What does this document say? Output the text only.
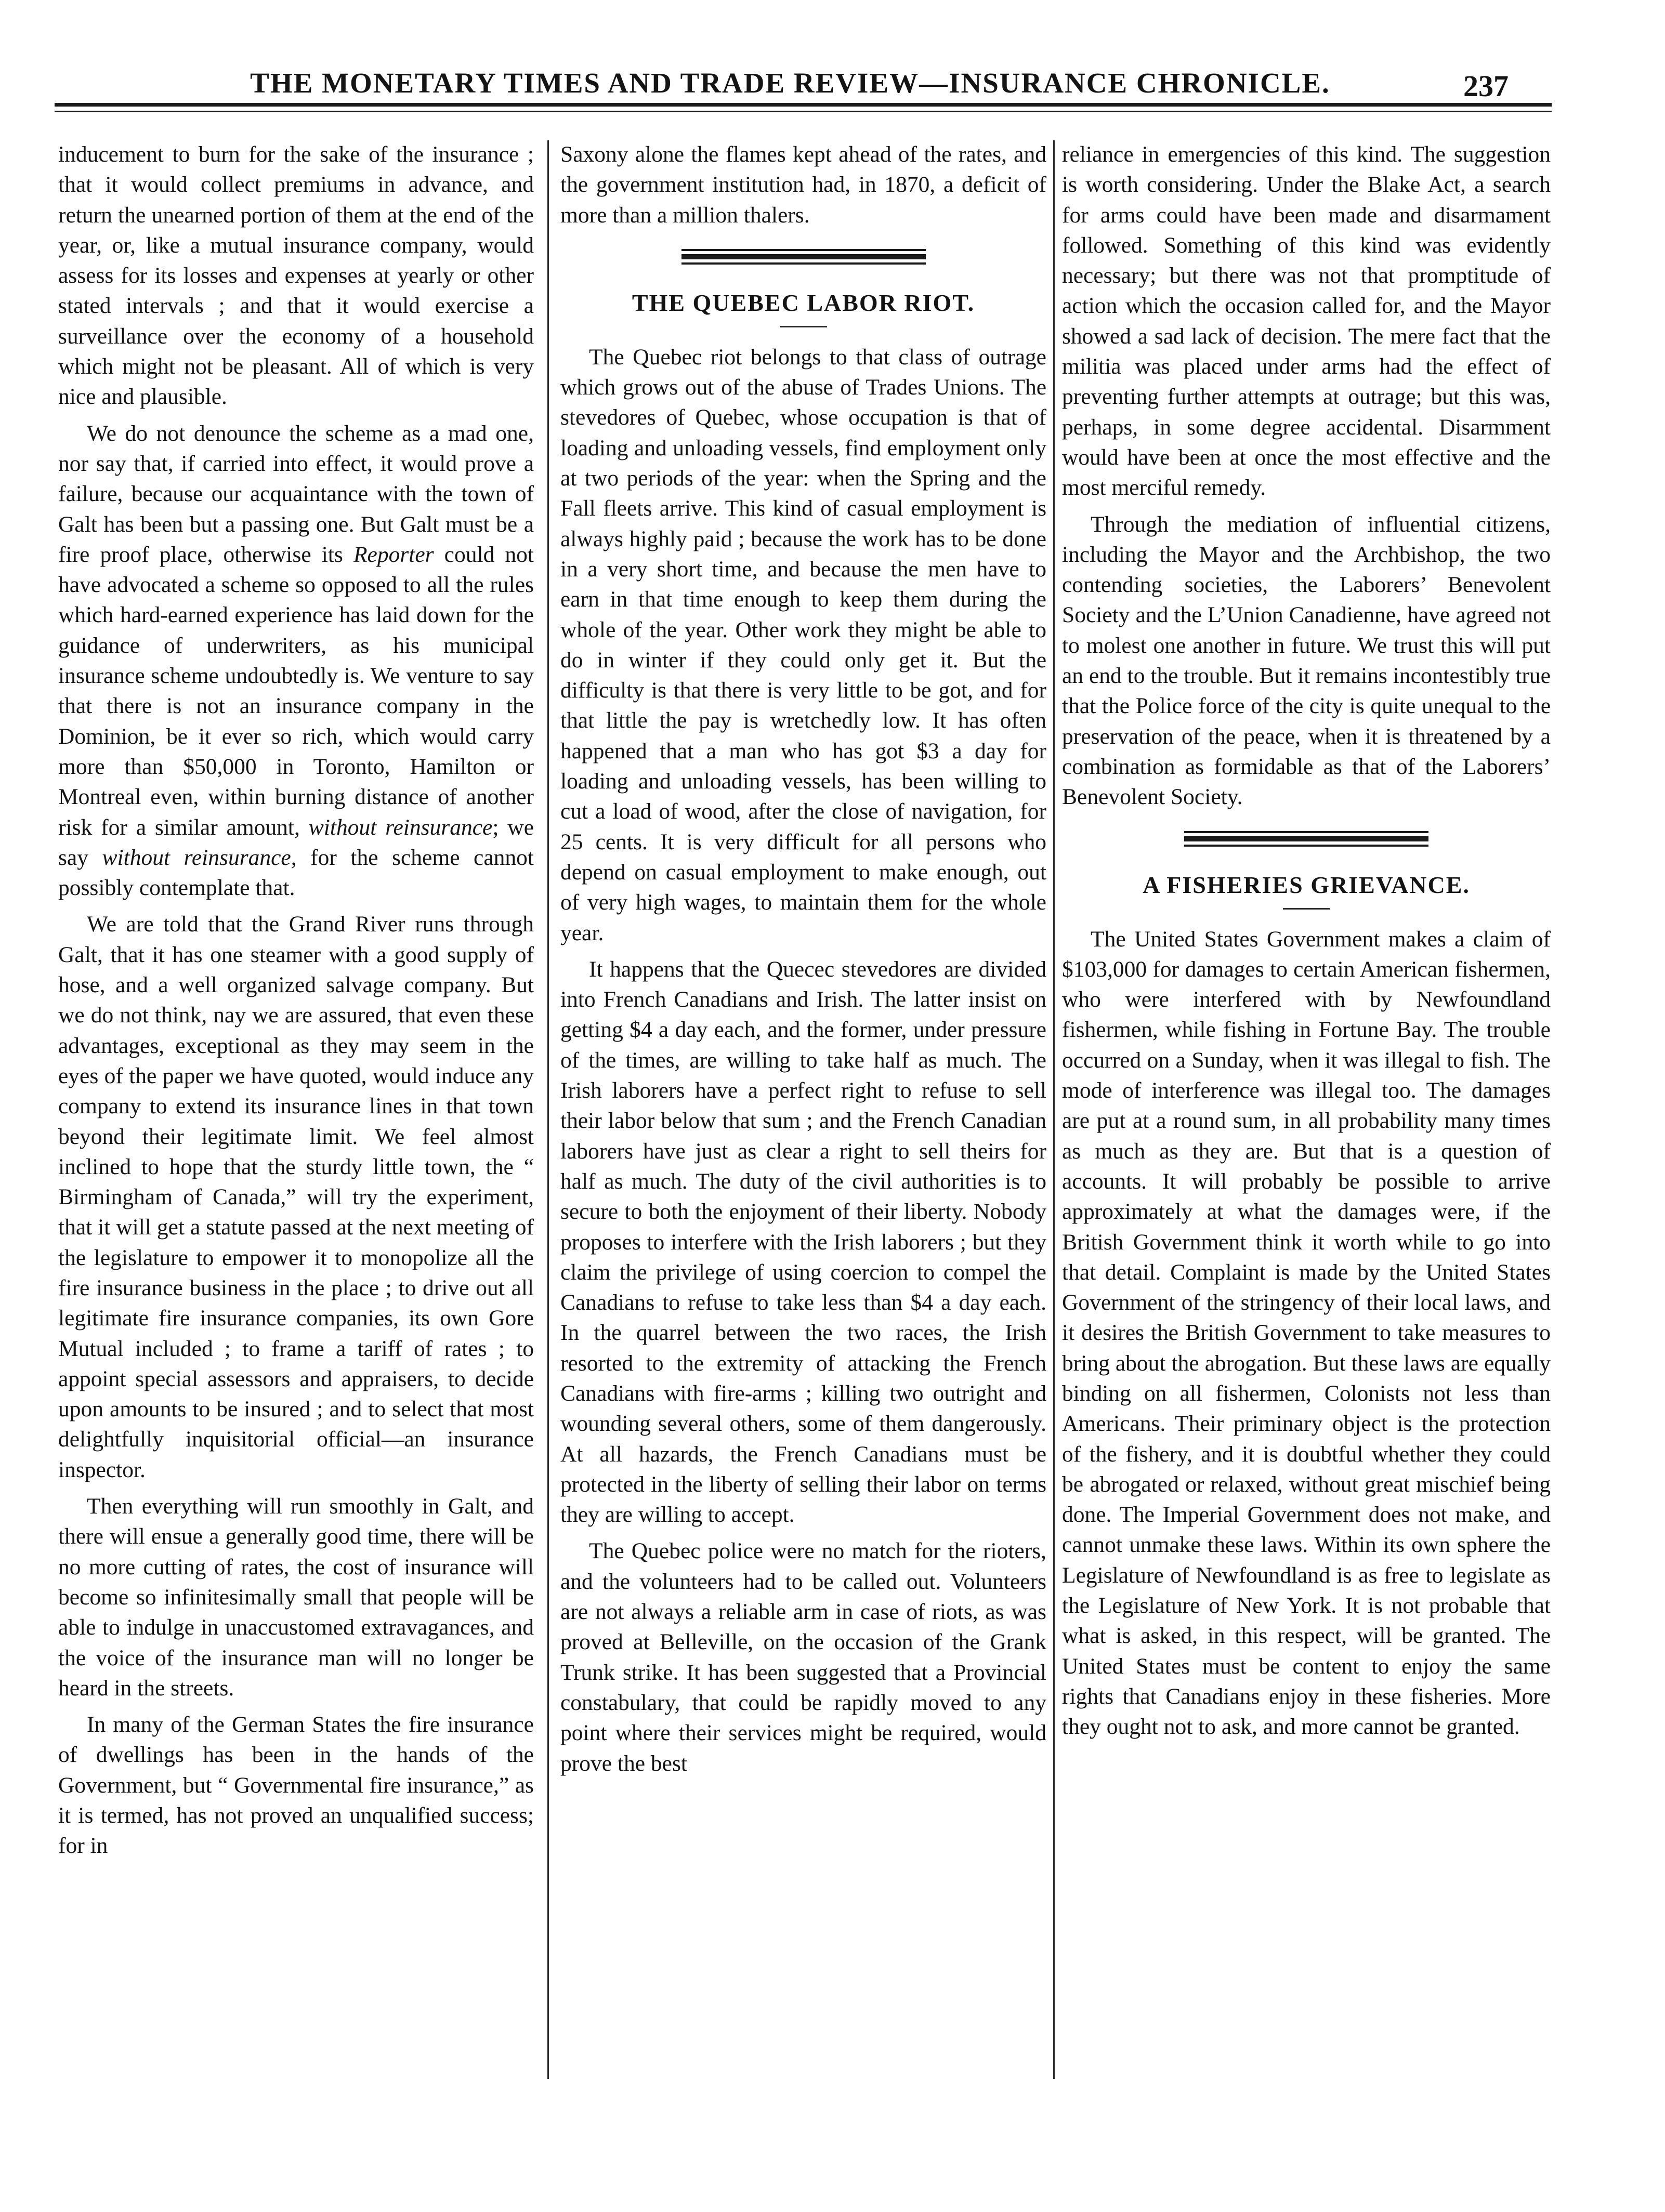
THE MONETARY TIMES AND TRADE REVIEW—INSURANCE CHRONICLE.	237

inducement to burn for the sake of the insurance ; that it would collect premiums in advance, and return the unearned portion of them at the end of the year, or, like a mutual insurance company, would assess for its losses and expenses at yearly or other stated intervals ; and that it would exercise a surveillance over the economy of a household which might not be pleasant. All of which is very nice and plausible.

We do not denounce the scheme as a mad one, nor say that, if carried into effect, it would prove a failure, because our acquaintance with the town of Galt has been but a passing one. But Galt must be a fire proof place, otherwise its Reporter could not have advocated a scheme so opposed to all the rules which hard-earned experience has laid down for the guidance of underwriters, as his municipal insurance scheme undoubtedly is. We venture to say that there is not an insurance company in the Dominion, be it ever so rich, which would carry more than $50,000 in Toronto, Hamilton or Montreal even, within burning distance of another risk for a similar amount, without reinsurance; we say without reinsurance, for the scheme cannot possibly contemplate that.

We are told that the Grand River runs through Galt, that it has one steamer with a good supply of hose, and a well organized salvage company. But we do not think, nay we are assured, that even these advantages, exceptional as they may seem in the eyes of the paper we have quoted, would induce any company to extend its insurance lines in that town beyond their legitimate limit. We feel almost inclined to hope that the sturdy little town, the “ Birmingham of Canada,” will try the experiment, that it will get a statute passed at the next meeting of the legislature to empower it to monopolize all the fire insurance business in the place ; to drive out all legitimate fire insurance companies, its own Gore Mutual included ; to frame a tariff of rates ; to appoint special assessors and appraisers, to decide upon amounts to be insured ; and to select that most delightfully inquisitorial official—an insurance inspector.

Then everything will run smoothly in Galt, and there will ensue a generally good time, there will be no more cutting of rates, the cost of insurance will become so infinitesimally small that people will be able to indulge in unaccustomed extravagances, and the voice of the insurance man will no longer be heard in the streets.

In many of the German States the fire insurance of dwellings has been in the hands of the Government, but “ Governmental fire insurance,” as it is termed, has not proved an unqualified success; for in

Saxony alone the flames kept ahead of the rates, and the government institution had, in 1870, a deficit of more than a million thalers.

THE QUEBEC LABOR RIOT.

The Quebec riot belongs to that class of outrage which grows out of the abuse of Trades Unions. The stevedores of Quebec, whose occupation is that of loading and unloading vessels, find employment only at two periods of the year: when the Spring and the Fall fleets arrive. This kind of casual employment is always highly paid ; because the work has to be done in a very short time, and because the men have to earn in that time enough to keep them during the whole of the year. Other work they might be able to do in winter if they could only get it. But the difficulty is that there is very little to be got, and for that little the pay is wretchedly low. It has often happened that a man who has got $3 a day for loading and unloading vessels, has been willing to cut a load of wood, after the close of navigation, for 25 cents. It is very difficult for all persons who depend on casual employment to make enough, out of very high wages, to maintain them for the whole year.

It happens that the Quecec stevedores are divided into French Canadians and Irish. The latter insist on getting $4 a day each, and the former, under pressure of the times, are willing to take half as much. The Irish laborers have a perfect right to refuse to sell their labor below that sum ; and the French Canadian laborers have just as clear a right to sell theirs for half as much. The duty of the civil authorities is to secure to both the enjoyment of their liberty. Nobody proposes to interfere with the Irish laborers ; but they claim the privilege of using coercion to compel the Canadians to refuse to take less than $4 a day each. In the quarrel between the two races, the Irish resorted to the extremity of attacking the French Canadians with fire-arms ; killing two outright and wounding several others, some of them dangerously. At all hazards, the French Canadians must be protected in the liberty of selling their labor on terms they are willing to accept.

The Quebec police were no match for the rioters, and the volunteers had to be called out. Volunteers are not always a reliable arm in case of riots, as was proved at Belleville, on the occasion of the Grank Trunk strike. It has been suggested that a Provincial constabulary, that could be rapidly moved to any point where their services might be required, would prove the best

reliance in emergencies of this kind. The suggestion is worth considering. Under the Blake Act, a search for arms could have been made and disarmament followed. Something of this kind was evidently necessary; but there was not that promptitude of action which the occasion called for, and the Mayor showed a sad lack of decision. The mere fact that the militia was placed under arms had the effect of preventing further attempts at outrage; but this was, perhaps, in some degree accidental. Disarmment would have been at once the most effective and the most merciful remedy.

Through the mediation of influential citizens, including the Mayor and the Archbishop, the two contending societies, the Laborers’ Benevolent Society and the L’Union Canadienne, have agreed not to molest one another in future. We trust this will put an end to the trouble. But it remains incontestibly true that the Police force of the city is quite unequal to the preservation of the peace, when it is threatened by a combination as formidable as that of the Laborers’ Benevolent Society.

A FISHERIES GRIEVANCE.

The United States Government makes a claim of $103,000 for damages to certain American fishermen, who were interfered with by Newfoundland fishermen, while fishing in Fortune Bay. The trouble occurred on a Sunday, when it was illegal to fish. The mode of interference was illegal too. The damages are put at a round sum, in all probability many times as much as they are. But that is a question of accounts. It will probably be possible to arrive approximately at what the damages were, if the British Government think it worth while to go into that detail. Complaint is made by the United States Government of the stringency of their local laws, and it desires the British Government to take measures to bring about the abrogation. But these laws are equally binding on all fishermen, Colonists not less than Americans. Their priminary object is the protection of the fishery, and it is doubtful whether they could be abrogated or relaxed, without great mischief being done. The Imperial Government does not make, and cannot unmake these laws. Within its own sphere the Legislature of Newfoundland is as free to legislate as the Legislature of New York. It is not probable that what is asked, in this respect, will be granted. The United States must be content to enjoy the same rights that Canadians enjoy in these fisheries. More they ought not to ask, and more cannot be granted.
